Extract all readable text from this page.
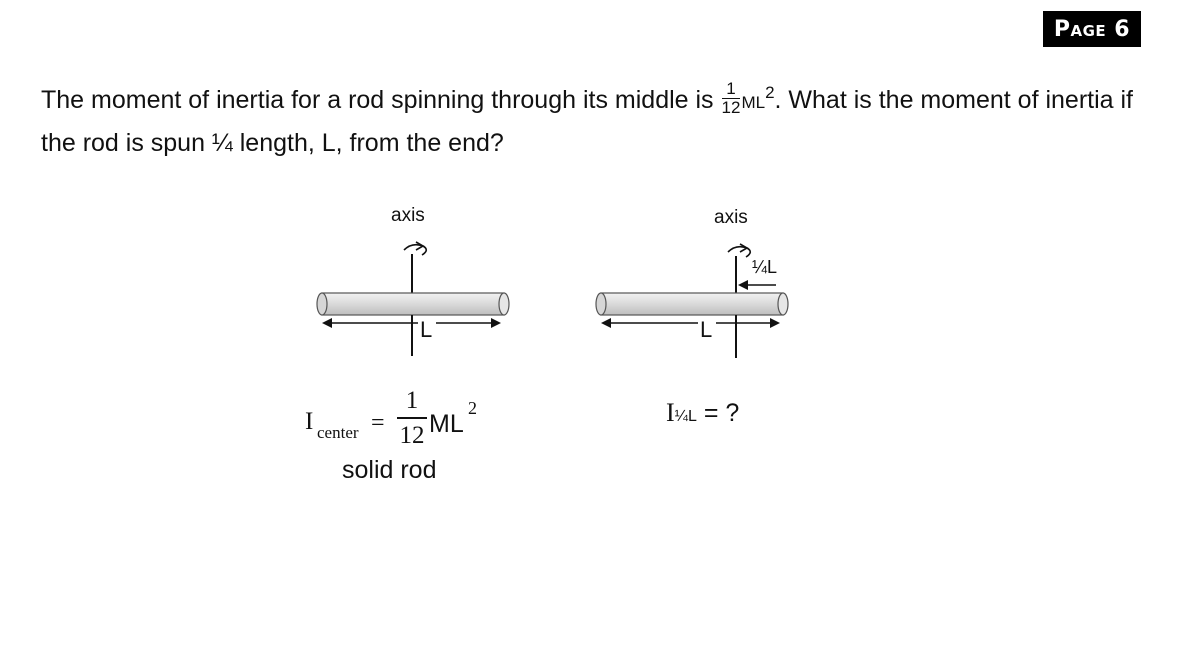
Page 6
The moment of inertia for a rod spinning through its middle is $\frac{1}{12} ML^2$. What is the moment of inertia if the rod is spun ¼ length, L, from the end?
axis
L
axis
¼L
L
I center =
1
12 ML
2
solid rod
I¼L = ?
